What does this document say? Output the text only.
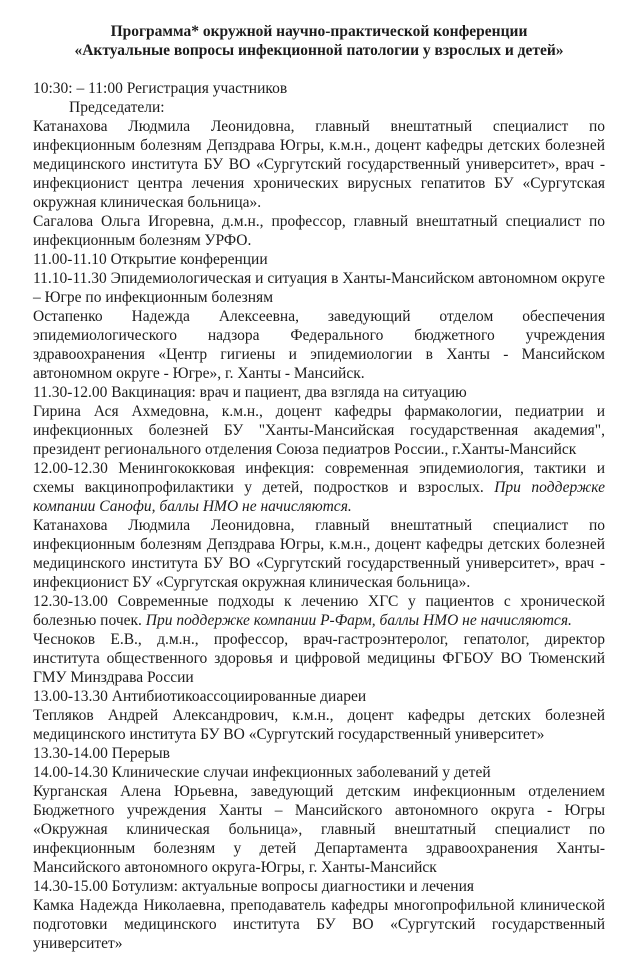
Программа* окружной научно-практической конференции

«Актуальные вопросы инфекционной патологии у взрослых и детей»

10:30: – 11:00 Регистрация участников

Председатели:

Катанахова Людмила Леонидовна, главный внештатный специалист по инфекционным болезням Депздрава Югры, к.м.н., доцент кафедры детских болезней медицинского института БУ ВО «Сургутский государственный университет», врач - инфекционист центра лечения хронических вирусных гепатитов БУ «Сургутская окружная клиническая больница».

Сагалова Ольга Игоревна, д.м.н., профессор, главный внештатный специалист по инфекционным болезням УРФО.

11.00-11.10 Открытие конференции

11.10-11.30 Эпидемиологическая и ситуация в Ханты-Мансийском автономном округе – Югре по инфекционным болезням

Остапенко Надежда Алексеевна, заведующий отделом обеспечения эпидемиологического надзора Федерального бюджетного учреждения здравоохранения «Центр гигиены и эпидемиологии в Ханты - Мансийском автономном округе - Югре», г. Ханты - Мансийск.

11.30-12.00 Вакцинация: врач и пациент, два взгляда на ситуацию

Гирина Ася Ахмедовна, к.м.н., доцент кафедры фармакологии, педиатрии и инфекционных болезней БУ "Ханты-Мансийская государственная академия", президент регионального отделения Союза педиатров России., г.Ханты-Мансийск

12.00-12.30 Менингококковая инфекция: современная эпидемиология, тактики и схемы вакцинопрофилактики у детей, подростков и взрослых. При поддержке компании Санофи, баллы НМО не начисляются.

Катанахова Людмила Леонидовна, главный внештатный специалист по инфекционным болезням Депздрава Югры, к.м.н., доцент кафедры детских болезней медицинского института БУ ВО «Сургутский государственный университет», врач - инфекционист БУ «Сургутская окружная клиническая больница».

12.30-13.00 Современные подходы к лечению ХГС у пациентов с хронической болезнью почек. При поддержке компании Р-Фарм, баллы НМО не начисляются.

Чесноков Е.В., д.м.н., профессор, врач-гастроэнтеролог, гепатолог, директор института общественного здоровья и цифровой медицины ФГБОУ ВО Тюменский ГМУ Минздрава России

13.00-13.30 Антибиотикоассоциированные диареи

Тепляков Андрей Александрович, к.м.н., доцент кафедры детских болезней медицинского института БУ ВО «Сургутский государственный университет»

13.30-14.00 Перерыв

14.00-14.30 Клинические случаи инфекционных заболеваний у детей

Курганская Алена Юрьевна, заведующий детским инфекционным отделением Бюджетного учреждения Ханты – Мансийского автономного округа - Югры «Окружная клиническая больница», главный внештатный специалист по инфекционным болезням у детей Департамента здравоохранения Ханты-Мансийского автономного округа-Югры, г. Ханты-Мансийск

14.30-15.00 Ботулизм: актуальные вопросы диагностики и лечения

Камка Надежда Николаевна, преподаватель кафедры многопрофильной клинической подготовки медицинского института БУ ВО «Сургутский государственный университет»
